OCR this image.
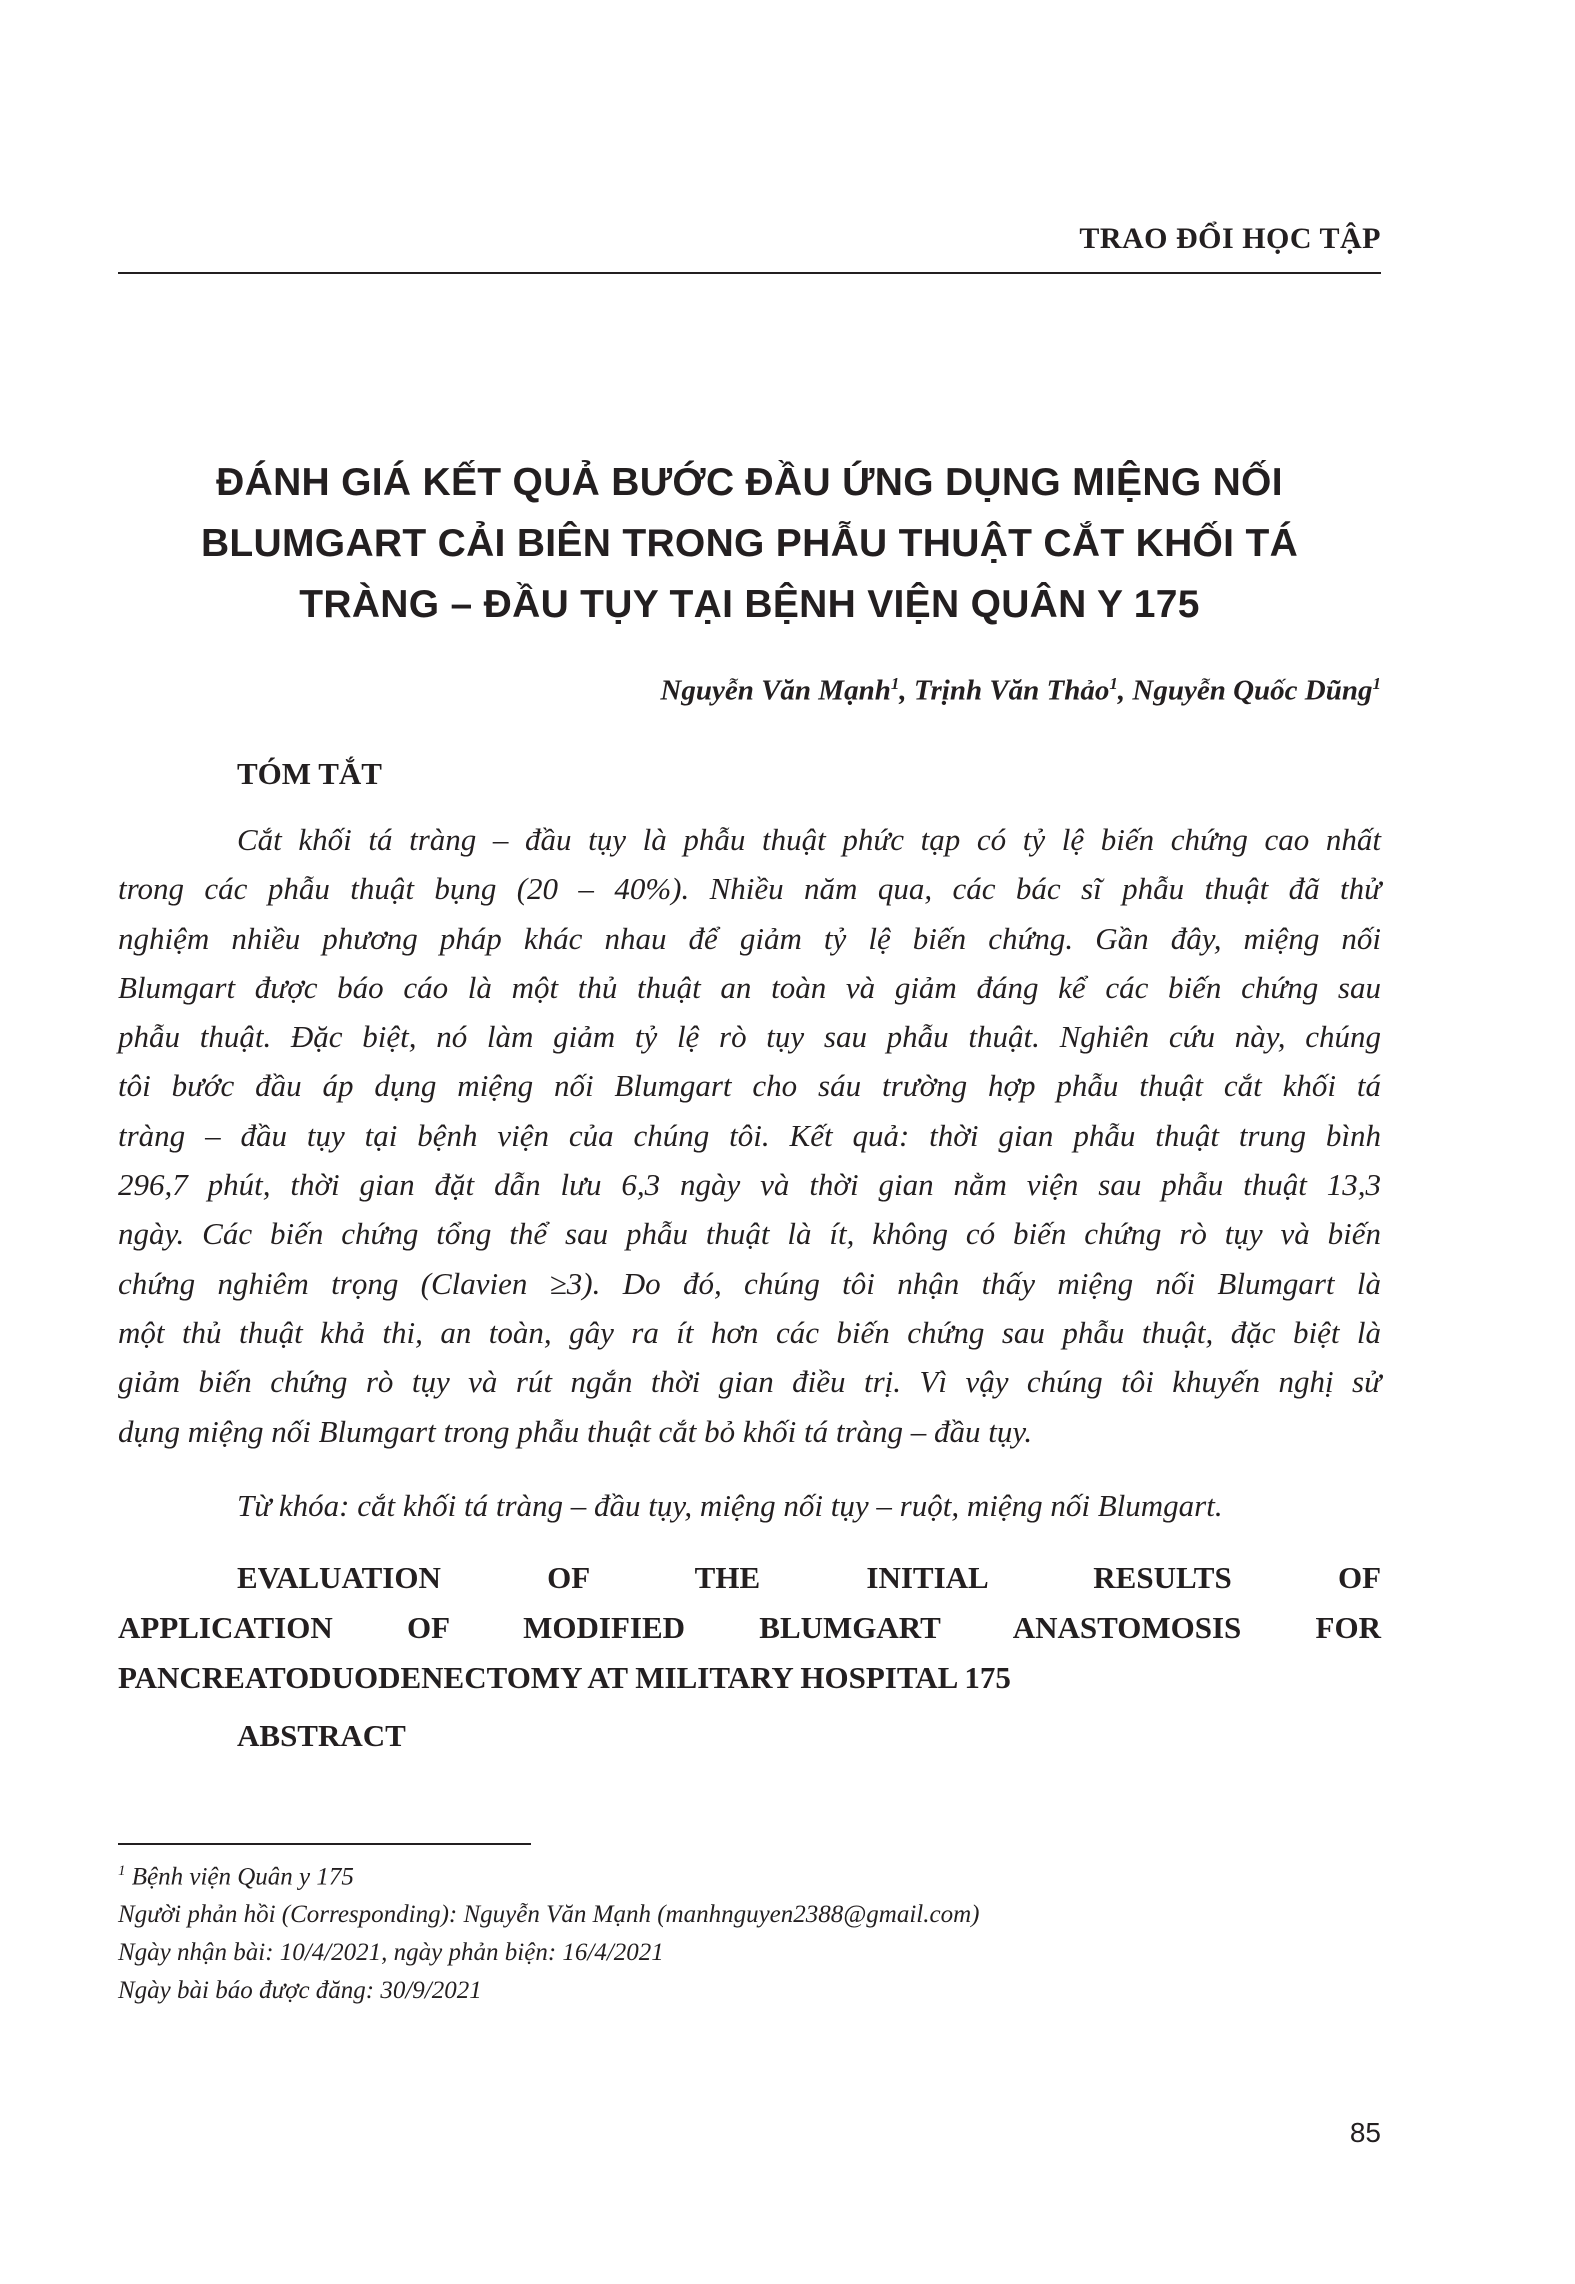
TRAO ĐỔI HỌC TẬP
ĐÁNH GIÁ KẾT QUẢ BƯỚC ĐẦU ỨNG DỤNG MIỆNG NỐI
BLUMGART CẢI BIÊN TRONG PHẪU THUẬT CẮT KHỐI TÁ
TRÀNG – ĐẦU TỤY TẠI BỆNH VIỆN QUÂN Y 175
Nguyễn Văn Mạnh$^1$, Trịnh Văn Thảo$^1$, Nguyễn Quốc Dũng$^1$
TÓM TẮT
Cắt khối tá tràng – đầu tụy là phẫu thuật phức tạp có tỷ lệ biến chứng cao nhất
trong các phẫu thuật bụng (20 – 40%). Nhiều năm qua, các bác sĩ phẫu thuật đã thử
nghiệm nhiều phương pháp khác nhau để giảm tỷ lệ biến chứng. Gần đây, miệng nối
Blumgart được báo cáo là một thủ thuật an toàn và giảm đáng kể các biến chứng sau
phẫu thuật. Đặc biệt, nó làm giảm tỷ lệ rò tụy sau phẫu thuật. Nghiên cứu này, chúng
tôi bước đầu áp dụng miệng nối Blumgart cho sáu trường hợp phẫu thuật cắt khối tá
tràng – đầu tụy tại bệnh viện của chúng tôi. Kết quả: thời gian phẫu thuật trung bình
296,7 phút, thời gian đặt dẫn lưu 6,3 ngày và thời gian nằm viện sau phẫu thuật 13,3
ngày. Các biến chứng tổng thể sau phẫu thuật là ít, không có biến chứng rò tụy và biến
chứng nghiêm trọng (Clavien ≥3). Do đó, chúng tôi nhận thấy miệng nối Blumgart là
một thủ thuật khả thi, an toàn, gây ra ít hơn các biến chứng sau phẫu thuật, đặc biệt là
giảm biến chứng rò tụy và rút ngắn thời gian điều trị. Vì vậy chúng tôi khuyến nghị sử
dụng miệng nối Blumgart trong phẫu thuật cắt bỏ khối tá tràng – đầu tụy.
Từ khóa: cắt khối tá tràng – đầu tụy, miệng nối tụy – ruột, miệng nối Blumgart.
EVALUATION OF THE INITIAL RESULTS OF
APPLICATION OF MODIFIED BLUMGART ANASTOMOSIS FOR
PANCREATODUODENECTOMY AT MILITARY HOSPITAL 175
ABSTRACT
$^1$ Bệnh viện Quân y 175
Người phản hồi (Corresponding): Nguyễn Văn Mạnh (manhnguyen2388@gmail.com)
Ngày nhận bài: 10/4/2021, ngày phản biện: 16/4/2021
Ngày bài báo được đăng: 30/9/2021
85
